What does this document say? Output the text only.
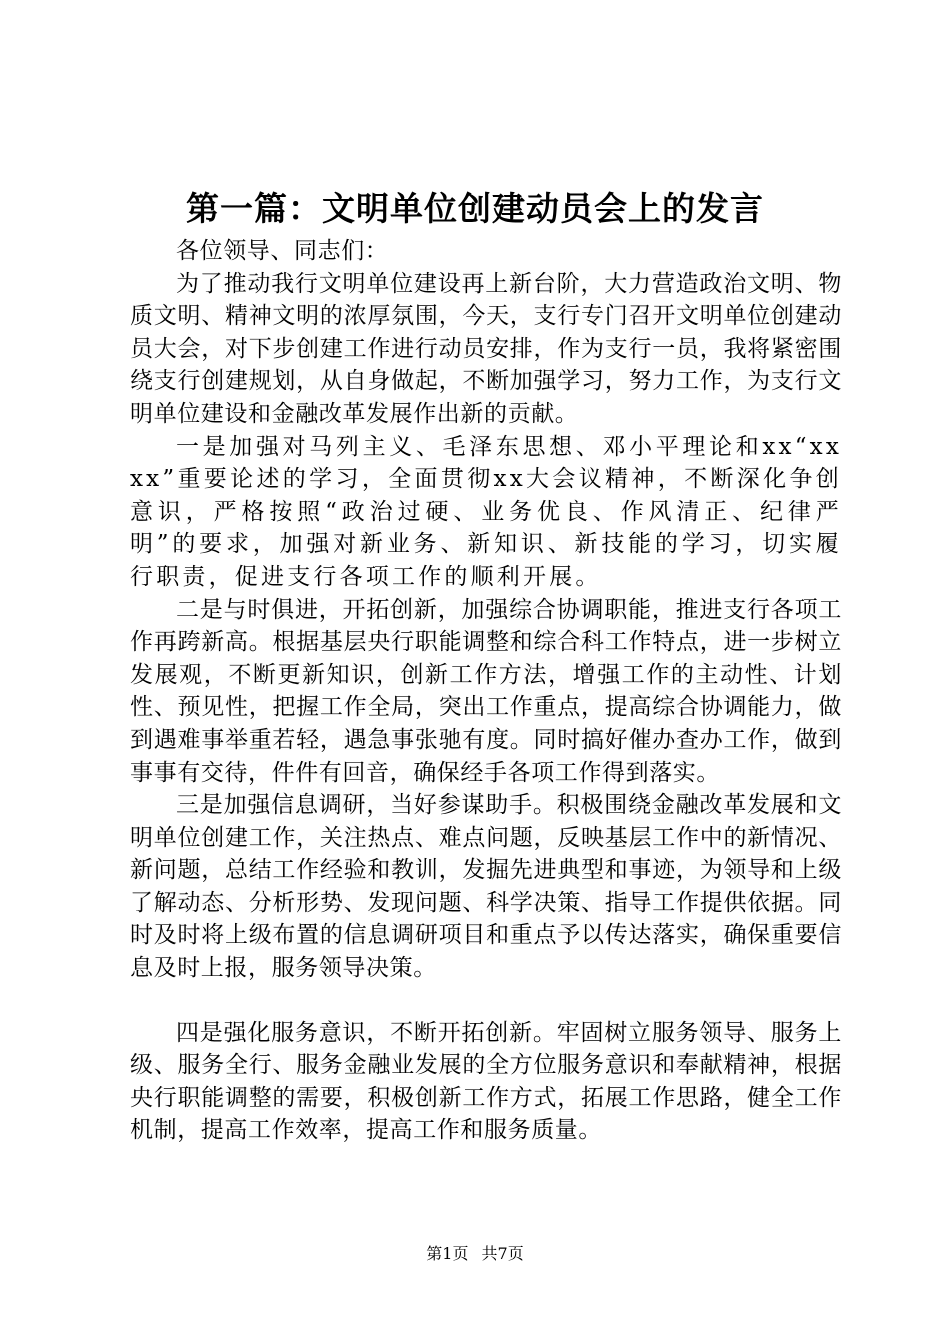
第一篇：文明单位创建动员会上的发言

各位领导、同志们：

为了推动我行文明单位建设再上新台阶，大力营造政治文明、物质文明、精神文明的浓厚氛围，今天，支行专门召开文明单位创建动员大会，对下步创建工作进行动员安排，作为支行一员，我将紧密围绕支行创建规划，从自身做起，不断加强学习，努力工作，为支行文明单位建设和金融改革发展作出新的贡献。

一是加强对马列主义、毛泽东思想、邓小平理论和xx“xxxx”重要论述的学习，全面贯彻xx大会议精神，不断深化争创意识，严格按照“政治过硬、业务优良、作风清正、纪律严明”的要求，加强对新业务、新知识、新技能的学习，切实履行职责，促进支行各项工作的顺利开展。

二是与时俱进，开拓创新，加强综合协调职能，推进支行各项工作再跨新高。根据基层央行职能调整和综合科工作特点，进一步树立发展观，不断更新知识，创新工作方法，增强工作的主动性、计划性、预见性，把握工作全局，突出工作重点，提高综合协调能力，做到遇难事举重若轻，遇急事张驰有度。同时搞好催办查办工作，做到事事有交待，件件有回音，确保经手各项工作得到落实。

三是加强信息调研，当好参谋助手。积极围绕金融改革发展和文明单位创建工作，关注热点、难点问题，反映基层工作中的新情况、新问题，总结工作经验和教训，发掘先进典型和事迹，为领导和上级了解动态、分析形势、发现问题、科学决策、指导工作提供依据。同时及时将上级布置的信息调研项目和重点予以传达落实，确保重要信息及时上报，服务领导决策。

四是强化服务意识，不断开拓创新。牢固树立服务领导、服务上级、服务全行、服务金融业发展的全方位服务意识和奉献精神，根据央行职能调整的需要，积极创新工作方式，拓展工作思路，健全工作机制，提高工作效率，提高工作和服务质量。

第1页 共7页
